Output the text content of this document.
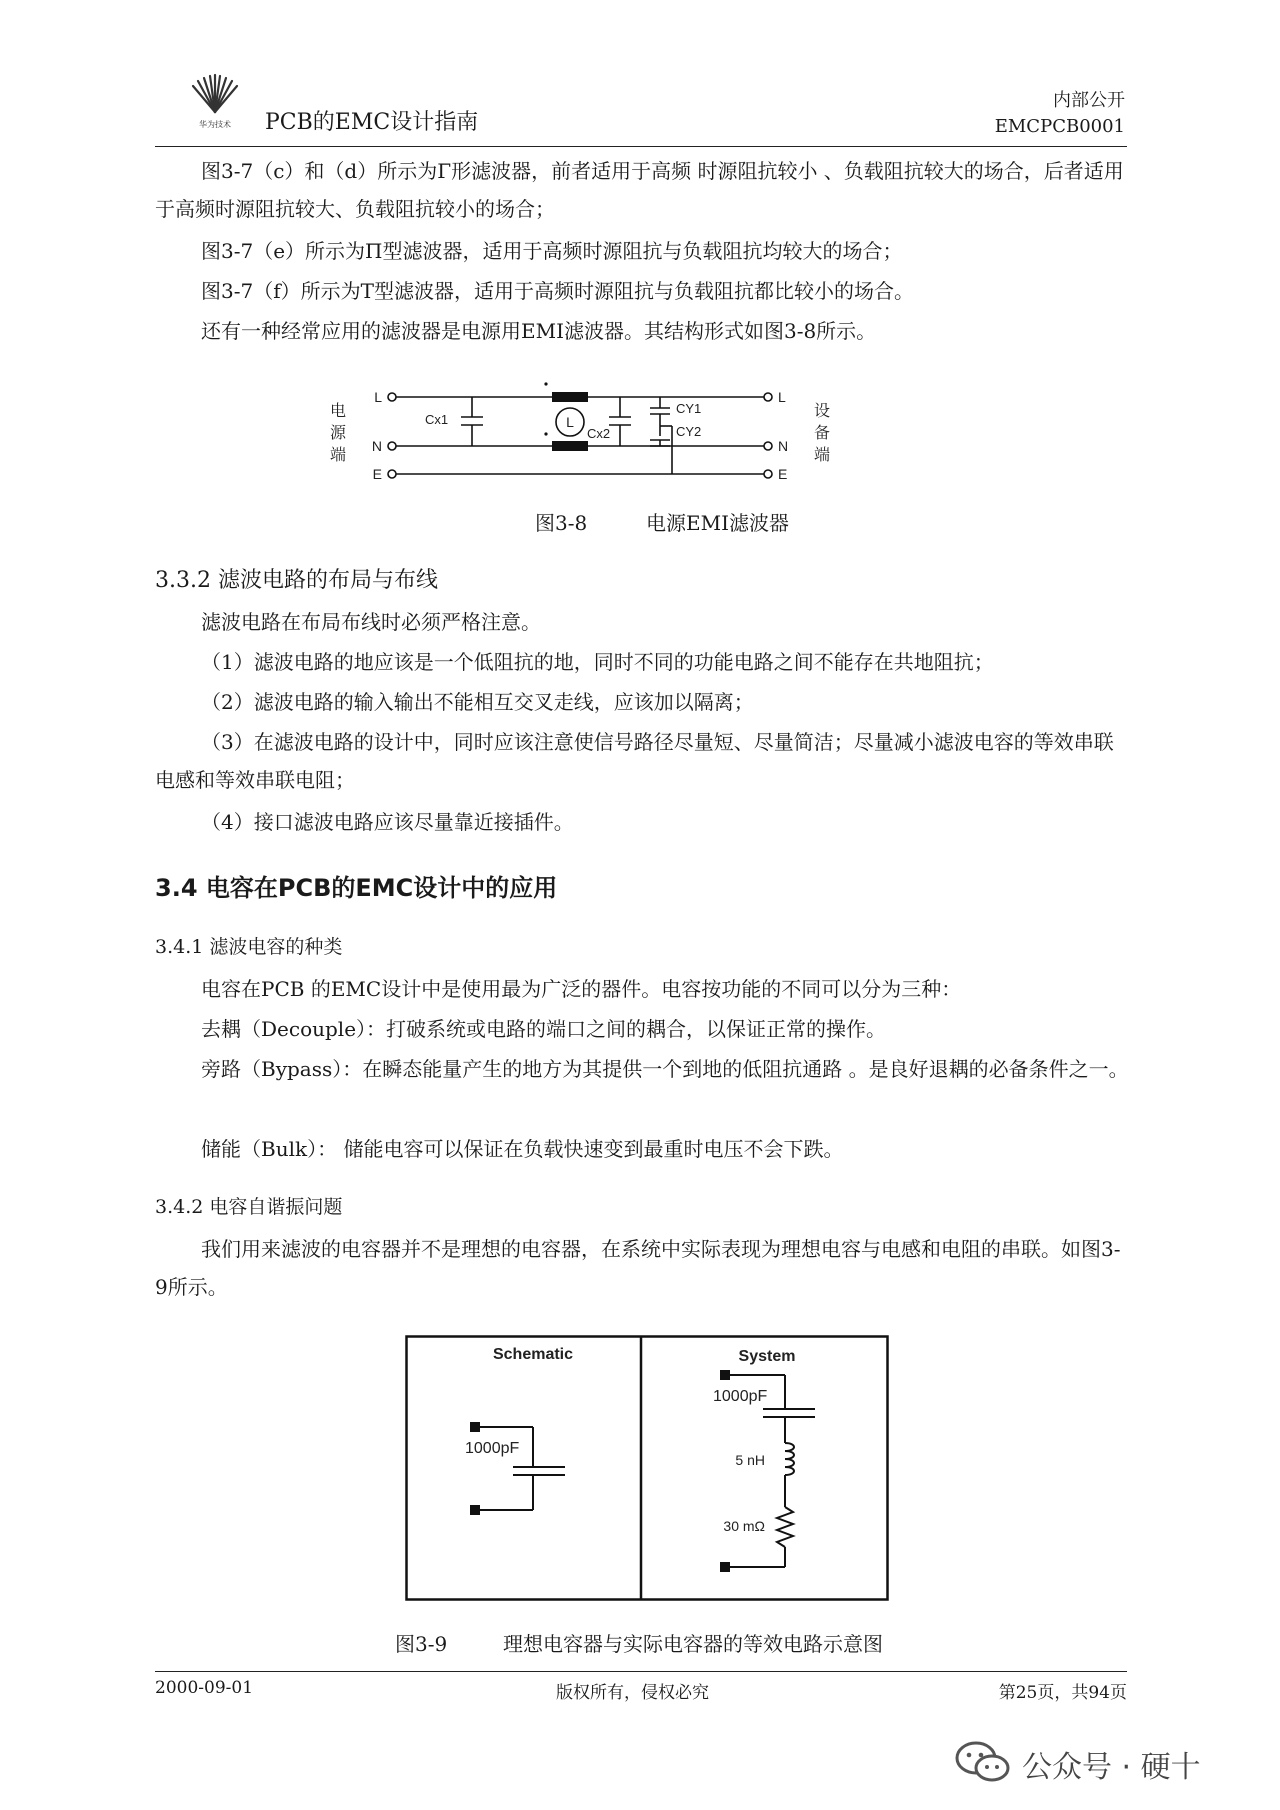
华为技术 PCB的EMC设计指南
内部公开
EMCPCB0001
图3-7（c）和（d）所示为Γ形滤波器，前者适用于高频 时源阻抗较小 、负载阻抗较大的场合，后者适用于高频时源阻抗较大、负载阻抗较小的场合；
图3-7（e）所示为Π型滤波器，适用于高频时源阻抗与负载阻抗均较大的场合；
图3-7（f）所示为T型滤波器，适用于高频时源阻抗与负载阻抗都比较小的场合。
还有一种经常应用的滤波器是电源用EMI滤波器。其结构形式如图3-8所示。
电
源
端
设
备
端
L
N
E
L
N
E
Cx1
Cx2
CY1
CY2
L
图3-8	电源EMI滤波器
3.3.2 滤波电路的布局与布线
滤波电路在布局布线时必须严格注意。
（1）滤波电路的地应该是一个低阻抗的地，同时不同的功能电路之间不能存在共地阻抗；
（2）滤波电路的输入输出不能相互交叉走线，应该加以隔离；
（3）在滤波电路的设计中，同时应该注意使信号路径尽量短、尽量简洁；尽量减小滤波电容的等效串联电感和等效串联电阻；
（4）接口滤波电路应该尽量靠近接插件。
3.4 电容在PCB的EMC设计中的应用
3.4.1 滤波电容的种类
电容在PCB 的EMC设计中是使用最为广泛的器件。电容按功能的不同可以分为三种：
去耦（Decouple）：打破系统或电路的端口之间的耦合，以保证正常的操作。
旁路（Bypass）：在瞬态能量产生的地方为其提供一个到地的低阻抗通路 。是良好退耦的必备条件之一。
储能（Bulk）： 储能电容可以保证在负载快速变到最重时电压不会下跌。
3.4.2 电容自谐振问题
我们用来滤波的电容器并不是理想的电容器，在系统中实际表现为理想电容与电感和电阻的串联。如图3-9所示。
Schematic	System
1000pF
1000pF
5 nH
30 mΩ
图3-9	理想电容器与实际电容器的等效电路示意图
2000-09-01	版权所有，侵权必究	第25页，共94页
公众号 · 硬十
